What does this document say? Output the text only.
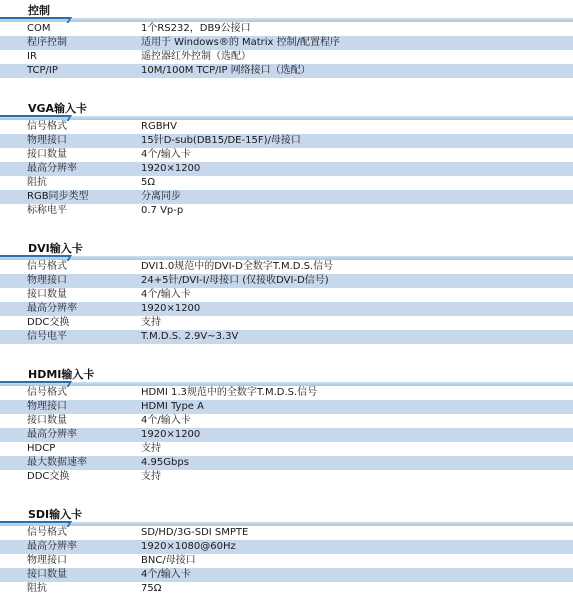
控制
COM	1个RS232，DB9公接口
程序控制	适用于 Windows®的 Matrix 控制/配置程序
IR	遥控器红外控制（选配）
TCP/IP	10M/100M TCP/IP 网络接口（选配）
VGA输入卡
信号格式	RGBHV
物理接口	15针D-sub(DB15/DE-15F)/母接口
接口数量	4个/输入卡
最高分辨率	1920×1200
阻抗	5Ω
RGB同步类型	分离同步
标称电平	0.7 Vp-p
DVI输入卡
信号格式	DVI1.0规范中的DVI-D全数字T.M.D.S.信号
物理接口	24+5针/DVI-I/母接口 (仅接收DVI-D信号)
接口数量	4个/输入卡
最高分辨率	1920×1200
DDC交换	支持
信号电平	T.M.D.S. 2.9V~3.3V
HDMI输入卡
信号格式	HDMI 1.3规范中的全数字T.M.D.S.信号
物理接口	HDMI Type A
接口数量	4个/输入卡
最高分辨率	1920×1200
HDCP	支持
最大数据速率	4.95Gbps
DDC交换	支持
SDI输入卡
信号格式	SD/HD/3G-SDI SMPTE
最高分辨率	1920×1080@60Hz
物理接口	BNC/母接口
接口数量	4个/输入卡
阻抗	75Ω
